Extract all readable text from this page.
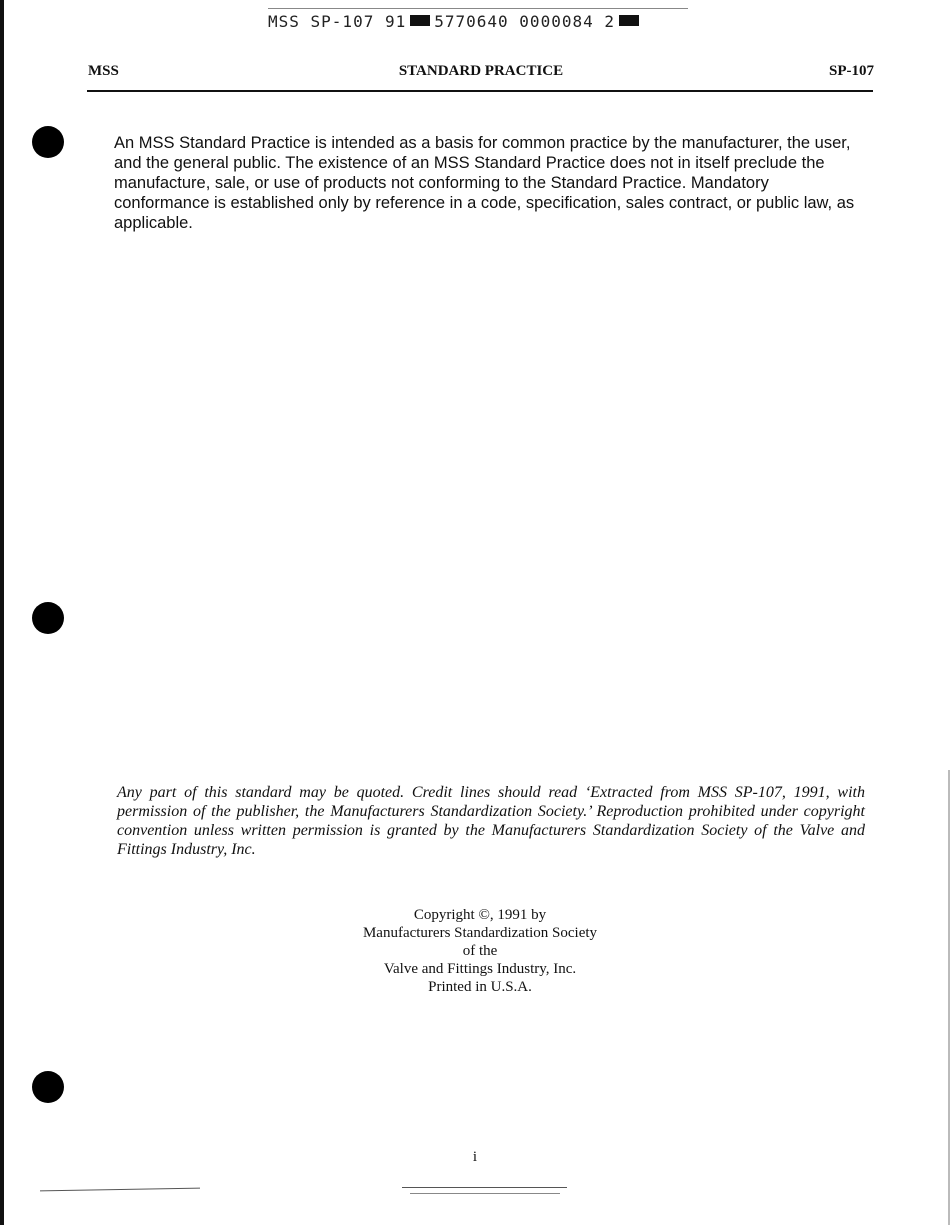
MSS SP-107 91 5770640 0000084 2
MSS	STANDARD PRACTICE	SP-107

An MSS Standard Practice is intended as a basis for common practice by the manufacturer, the user, and the general public. The existence of an MSS Standard Practice does not in itself preclude the manufacture, sale, or use of products not conforming to the Standard Practice. Mandatory conformance is established only by reference in a code, specification, sales contract, or public law, as applicable.

Any part of this standard may be quoted. Credit lines should read ‘Extracted from MSS SP-107, 1991, with permission of the publisher, the Manufacturers Standardization Society.’ Reproduction prohibited under copyright convention unless written permission is granted by the Manufacturers Standardization Society of the Valve and Fittings Industry, Inc.

Copyright ©, 1991 by
Manufacturers Standardization Society
of the
Valve and Fittings Industry, Inc.
Printed in U.S.A.
i
